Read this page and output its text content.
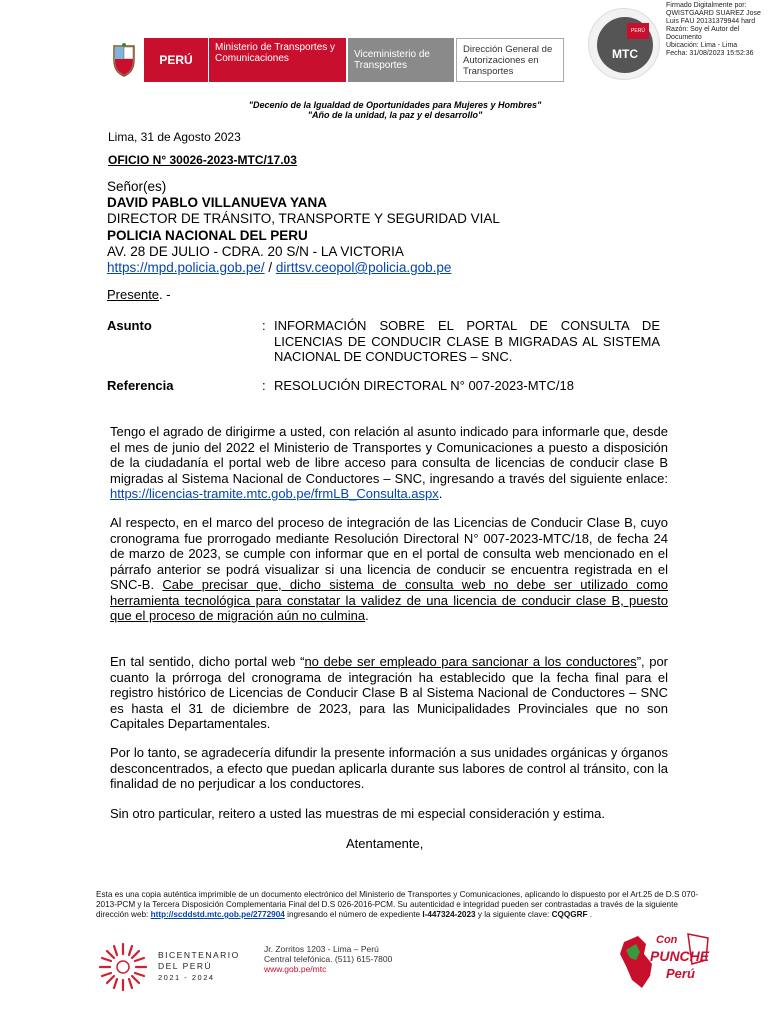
PERÚ
Ministerio de Transportes y Comunicaciones	Viceministerio de Transportes
Dirección General de Autorizaciones en Transportes
PERÚ
MTC
Firmado Digitalmente por:
QWISTGAARD SUAREZ Jose
Luis FAU 20131379944 hard
Razón: Soy el Autor del
Documento
Ubicación: Lima - Lima
Fecha: 31/08/2023 15:52:36
"Decenio de la Igualdad de Oportunidades para Mujeres y Hombres"
"Año de la unidad, la paz y el desarrollo"
Lima, 31 de Agosto 2023
OFICIO N° 30026-2023-MTC/17.03
Señor(es)
DAVID PABLO VILLANUEVA YANA
DIRECTOR DE TRÁNSITO, TRANSPORTE Y SEGURIDAD VIAL
POLICIA NACIONAL DEL PERU
AV. 28 DE JULIO - CDRA. 20 S/N - LA VICTORIA
https://mpd.policia.gob.pe/ / dirttsv.ceopol@policia.gob.pe
Presente. -
Asunto	: INFORMACIÓN SOBRE EL PORTAL DE CONSULTA DE LICENCIAS DE CONDUCIR CLASE B MIGRADAS AL SISTEMA NACIONAL DE CONDUCTORES – SNC.
Referencia	: RESOLUCIÓN DIRECTORAL N° 007-2023-MTC/18
Tengo el agrado de dirigirme a usted, con relación al asunto indicado para informarle que, desde el mes de junio del 2022 el Ministerio de Transportes y Comunicaciones a puesto a disposición de la ciudadanía el portal web de libre acceso para consulta de licencias de conducir clase B migradas al Sistema Nacional de Conductores – SNC, ingresando a través del siguiente enlace: https://licencias-tramite.mtc.gob.pe/frmLB_Consulta.aspx.
Al respecto, en el marco del proceso de integración de las Licencias de Conducir Clase B, cuyo cronograma fue prorrogado mediante Resolución Directoral N° 007-2023-MTC/18, de fecha 24 de marzo de 2023, se cumple con informar que en el portal de consulta web mencionado en el párrafo anterior se podrá visualizar si una licencia de conducir se encuentra registrada en el SNC-B. Cabe precisar que, dicho sistema de consulta web no debe ser utilizado como herramienta tecnológica para constatar la validez de una licencia de conducir clase B, puesto que el proceso de migración aún no culmina.
En tal sentido, dicho portal web “no debe ser empleado para sancionar a los conductores”, por cuanto la prórroga del cronograma de integración ha establecido que la fecha final para el registro histórico de Licencias de Conducir Clase B al Sistema Nacional de Conductores – SNC es hasta el 31 de diciembre de 2023, para las Municipalidades Provinciales que no son Capitales Departamentales.
Por lo tanto, se agradecería difundir la presente información a sus unidades orgánicas y órganos desconcentrados, a efecto que puedan aplicarla durante sus labores de control al tránsito, con la finalidad de no perjudicar a los conductores.
Sin otro particular, reitero a usted las muestras de mi especial consideración y estima.
Atentamente,
Esta es una copia auténtica imprimible de un documento electrónico del Ministerio de Transportes y Comunicaciones, aplicando lo dispuesto por el Art.25 de D.S 070-2013-PCM y la Tercera Disposición Complementaria Final del D.S 026-2016-PCM. Su autenticidad e integridad pueden ser contrastadas a través de la siguiente dirección web: http://scddstd.mtc.gob.pe/2772904 ingresando el número de expediente I-447324-2023 y la siguiente clave: CQQGRF .
BICENTENARIO
DEL PERÚ
2021 - 2024
Jr. Zorritos 1203 - Lima – Perú
Central telefónica. (511) 615-7800
www.gob.pe/mtc
Con
PUNCHE
Perú
